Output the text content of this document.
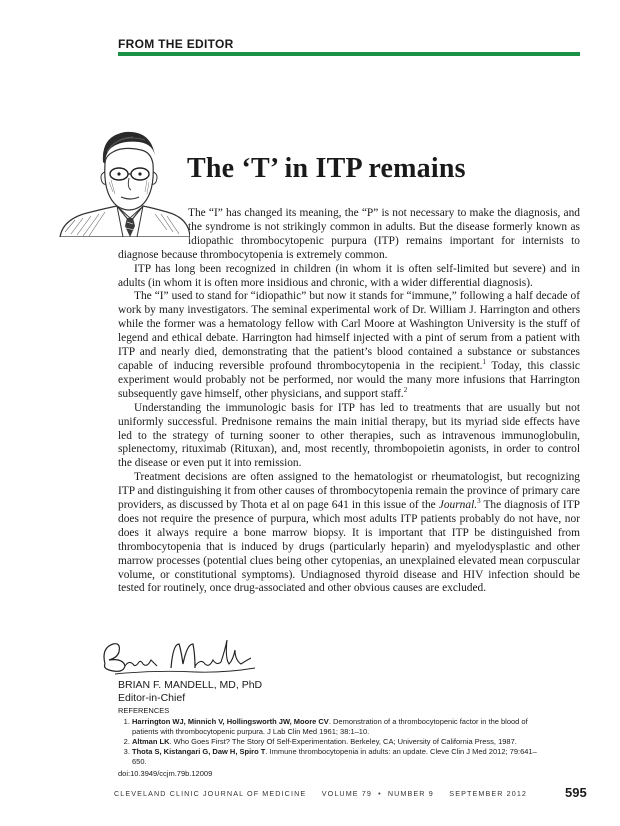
FROM THE EDITOR
The ‘T’ in ITP remains

The “I” has changed its meaning, the “P” is not necessary to make the diagnosis, and the syndrome is not strikingly common in adults. But the disease formerly known as idiopathic thrombocytopenic purpura (ITP) remains important for internists to diagnose because thrombocytopenia is extremely common.

ITP has long been recognized in children (in whom it is often self-limited but severe) and in adults (in whom it is often more insidious and chronic, with a wider differential diagnosis).

The “I” used to stand for “idiopathic” but now it stands for “immune,” following a half decade of work by many investigators. The seminal experimental work of Dr. William J. Harrington and others while the former was a hematology fellow with Carl Moore at Washington University is the stuff of legend and ethical debate. Harrington had himself injected with a pint of serum from a patient with ITP and nearly died, demonstrating that the patient’s blood contained a substance or substances capable of inducing reversible profound thrombocytopenia in the recipient.$^1$ Today, this classic experiment would probably not be performed, nor would the many more infusions that Harrington subsequently gave himself, other physicians, and support staff.$^2$

Understanding the immunologic basis for ITP has led to treatments that are usually but not uniformly successful. Prednisone remains the main initial therapy, but its myriad side effects have led to the strategy of turning sooner to other therapies, such as intravenous immunoglobulin, splenectomy, rituximab (Rituxan), and, most recently, thrombopoietin agonists, in order to control the disease or even put it into remission.

Treatment decisions are often assigned to the hematologist or rheumatologist, but recognizing ITP and distinguishing it from other causes of thrombocytopenia remain the province of primary care providers, as discussed by Thota et al on page 641 in this issue of the Journal.$^3$ The diagnosis of ITP does not require the presence of purpura, which most adults ITP patients probably do not have, nor does it always require a bone marrow biopsy. It is important that ITP be distinguished from thrombocytopenia that is induced by drugs (particularly heparin) and myelodysplastic and other marrow processes (potential clues being other cytopenias, an unexplained elevated mean corpuscular volume, or constitutional symptoms). Undiagnosed thyroid disease and HIV infection should be tested for routinely, once drug-associated and other obvious causes are excluded.

BRIAN F. MANDELL, MD, PhD
Editor-in-Chief
REFERENCES
1. Harrington WJ, Minnich V, Hollingsworth JW, Moore CV. Demonstration of a thrombocytopenic factor in the blood of patients with thrombocytopenic purpura. J Lab Clin Med 1961; 38:1–10.
2. Altman LK. Who Goes First? The Story Of Self-Experimentation. Berkeley, CA; University of California Press, 1987.
3. Thota S, Kistangari G, Daw H, Spiro T. Immune thrombocytopenia in adults: an update. Cleve Clin J Med 2012; 79:641–650.
doi:10.3949/ccjm.79b.12009
CLEVELAND CLINIC JOURNAL OF MEDICINE VOLUME 79 • NUMBER 9 SEPTEMBER 2012	595
